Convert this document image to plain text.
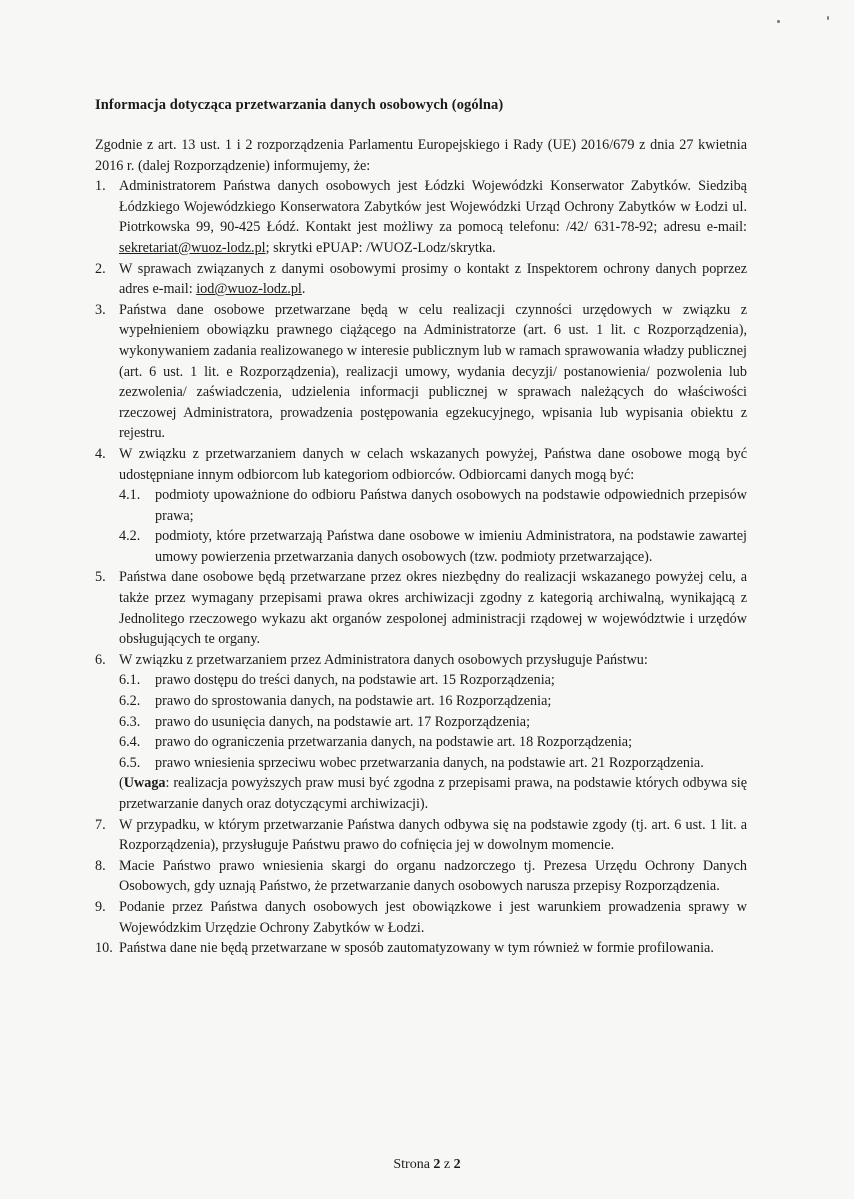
Informacja dotycząca przetwarzania danych osobowych (ogólna)

Zgodnie z art. 13 ust. 1 i 2 rozporządzenia Parlamentu Europejskiego i Rady (UE) 2016/679 z dnia 27 kwietnia 2016 r. (dalej Rozporządzenie) informujemy, że:

1. Administratorem Państwa danych osobowych jest Łódzki Wojewódzki Konserwator Zabytków. Siedzibą Łódzkiego Wojewódzkiego Konserwatora Zabytków jest Wojewódzki Urząd Ochrony Zabytków w Łodzi ul. Piotrkowska 99, 90-425 Łódź. Kontakt jest możliwy za pomocą telefonu: /42/ 631-78-92; adresu e-mail: sekretariat@wuoz-lodz.pl; skrytki ePUAP: /WUOZ-Lodz/skrytka.
2. W sprawach związanych z danymi osobowymi prosimy o kontakt z Inspektorem ochrony danych poprzez adres e-mail: iod@wuoz-lodz.pl.
3. Państwa dane osobowe przetwarzane będą w celu realizacji czynności urzędowych w związku z wypełnieniem obowiązku prawnego ciążącego na Administratorze (art. 6 ust. 1 lit. c Rozporządzenia), wykonywaniem zadania realizowanego w interesie publicznym lub w ramach sprawowania władzy publicznej (art. 6 ust. 1 lit. e Rozporządzenia), realizacji umowy, wydania decyzji/ postanowienia/ pozwolenia lub zezwolenia/ zaświadczenia, udzielenia informacji publicznej w sprawach należących do właściwości rzeczowej Administratora, prowadzenia postępowania egzekucyjnego, wpisania lub wypisania obiektu z rejestru.
4. W związku z przetwarzaniem danych w celach wskazanych powyżej, Państwa dane osobowe mogą być udostępniane innym odbiorcom lub kategoriom odbiorców. Odbiorcami danych mogą być:

4.1.	podmioty upoważnione do odbioru Państwa danych osobowych na podstawie odpowiednich przepisów prawa;
4.2.	podmioty, które przetwarzają Państwa dane osobowe w imieniu Administratora, na podstawie zawartej umowy powierzenia przetwarzania danych osobowych (tzw. podmioty przetwarzające).
5. Państwa dane osobowe będą przetwarzane przez okres niezbędny do realizacji wskazanego powyżej celu, a także przez wymagany przepisami prawa okres archiwizacji zgodny z kategorią archiwalną, wynikającą z Jednolitego rzeczowego wykazu akt organów zespolonej administracji rządowej w województwie i urzędów obsługujących te organy.
6. W związku z przetwarzaniem przez Administratora danych osobowych przysługuje Państwu:

6.1.	prawo dostępu do treści danych, na podstawie art. 15 Rozporządzenia;
6.2.	prawo do sprostowania danych, na podstawie art. 16 Rozporządzenia;
6.3.	prawo do usunięcia danych, na podstawie art. 17 Rozporządzenia;
6.4.	prawo do ograniczenia przetwarzania danych, na podstawie art. 18 Rozporządzenia;
6.5.	prawo wniesienia sprzeciwu wobec przetwarzania danych, na podstawie art. 21 Rozporządzenia.

(Uwaga: realizacja powyższych praw musi być zgodna z przepisami prawa, na podstawie których odbywa się przetwarzanie danych oraz dotyczącymi archiwizacji).

7. W przypadku, w którym przetwarzanie Państwa danych odbywa się na podstawie zgody (tj. art. 6 ust. 1 lit. a Rozporządzenia), przysługuje Państwu prawo do cofnięcia jej w dowolnym momencie.
8. Macie Państwo prawo wniesienia skargi do organu nadzorczego tj. Prezesa Urzędu Ochrony Danych Osobowych, gdy uznają Państwo, że przetwarzanie danych osobowych narusza przepisy Rozporządzenia.
9. Podanie przez Państwa danych osobowych jest obowiązkowe i jest warunkiem prowadzenia sprawy w Wojewódzkim Urzędzie Ochrony Zabytków w Łodzi.
10. Państwa dane nie będą przetwarzane w sposób zautomatyzowany w tym również w formie profilowania.
Strona 2 z 2
